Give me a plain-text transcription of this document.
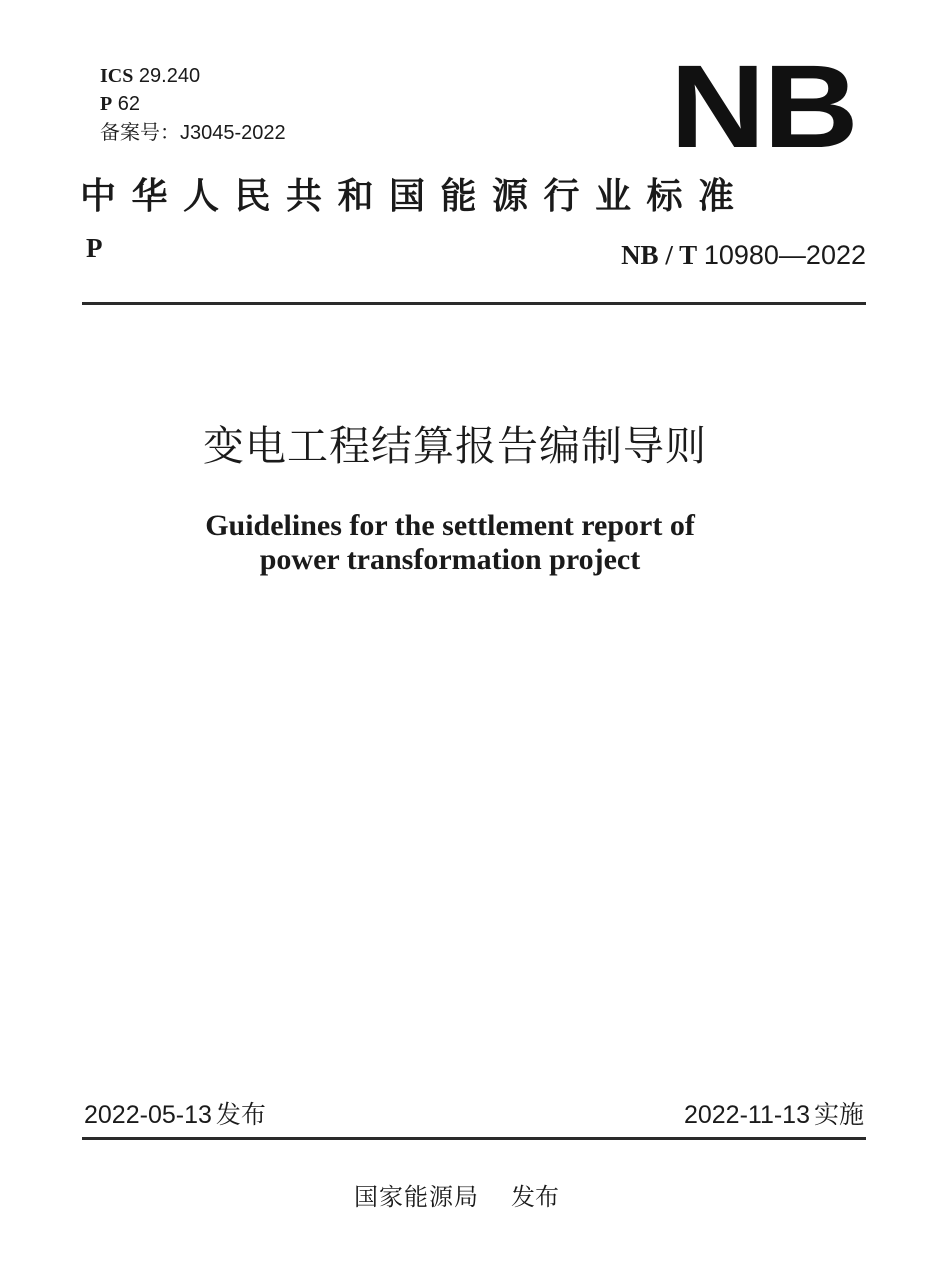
ICS 29.240
P 62
备案号：J3045-2022	NB
中华人民共和国能源行业标准
P	NB / T 10980—2022
变电工程结算报告编制导则
Guidelines for the settlement report of
power transformation project
2022-05-13 发布	2022-11-13 实施
国家能源局 发布
